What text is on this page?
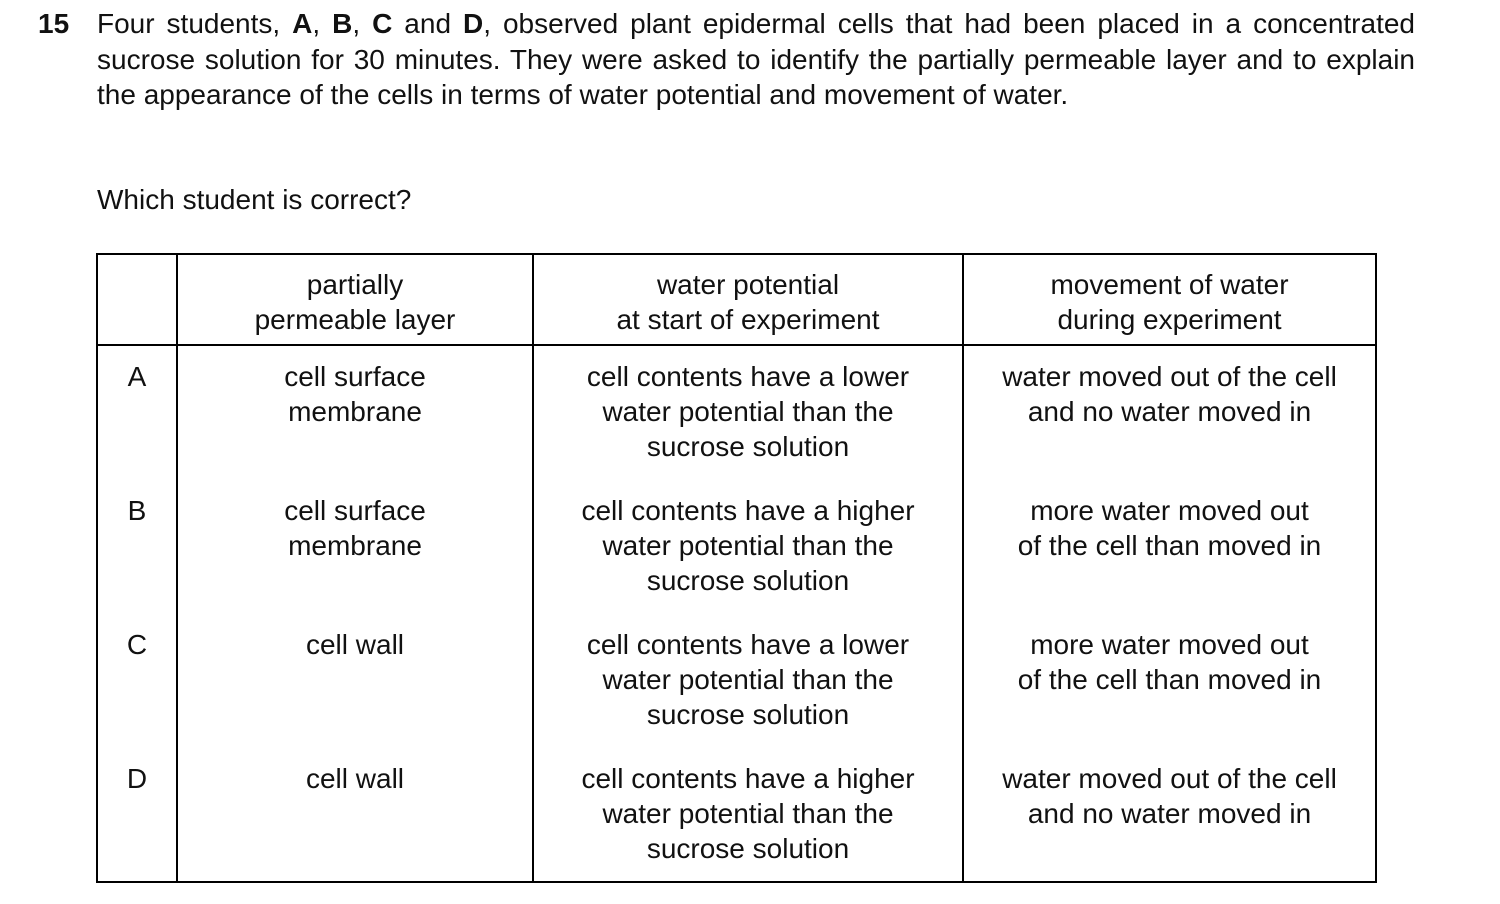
15 Four students, A, B, C and D, observed plant epidermal cells that had been placed in a concentrated sucrose solution for 30 minutes. They were asked to identify the partially permeable layer and to explain the appearance of the cells in terms of water potential and movement of water.

Which student is correct?

	partially
permeable layer	water potential
at start of experiment	movement of water
during experiment
A	cell surface
membrane	cell contents have a lower
water potential than the
sucrose solution	water moved out of the cell
and no water moved in
B	cell surface
membrane	cell contents have a higher
water potential than the
sucrose solution	more water moved out
of the cell than moved in
C	cell wall	cell contents have a lower
water potential than the
sucrose solution	more water moved out
of the cell than moved in
D	cell wall	cell contents have a higher
water potential than the
sucrose solution	water moved out of the cell
and no water moved in
